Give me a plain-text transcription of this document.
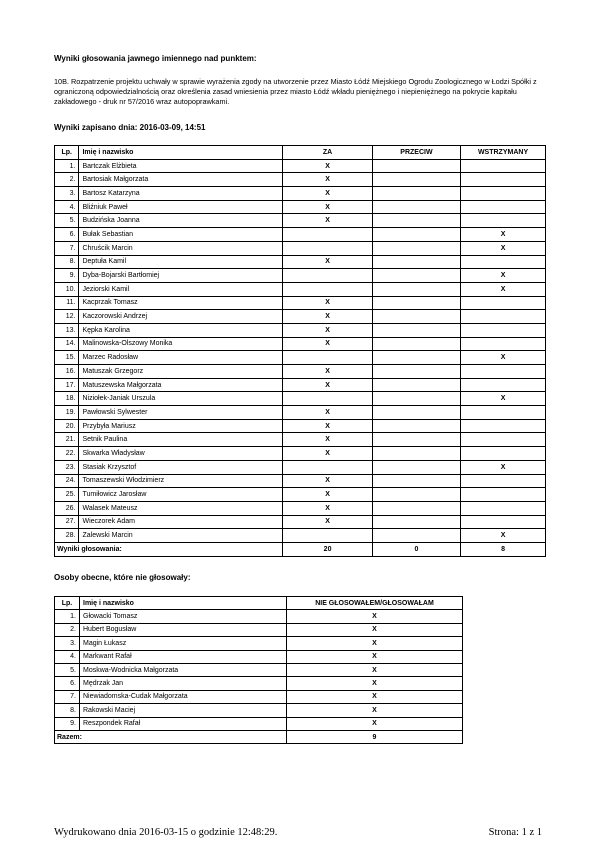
Wyniki głosowania jawnego imiennego nad punktem:
10B. Rozpatrzenie projektu uchwały w sprawie wyrażenia zgody na utworzenie przez Miasto Łódź Miejskiego Ogrodu Zoologicznego w Łodzi Spółki z ograniczoną odpowiedzialnością oraz określenia zasad wniesienia przez miasto Łódź wkładu pieniężnego i niepieniężnego na pokrycie kapitału zakładowego - druk nr 57/2016 wraz autopoprawkami.
Wyniki zapisano dnia: 2016-03-09, 14:51
Lp.	Imię i nazwisko	ZA	PRZECIW	WSTRZYMANY
1.	Bartczak Elżbieta	X		
2.	Bartosiak Małgorzata	X		
3.	Bartosz Katarzyna	X		
4.	Bliźniuk Paweł	X		
5.	Budzińska Joanna	X		
6.	Bułak Sebastian			X
7.	Chruścik Marcin			X
8.	Deptuła Kamil	X		
9.	Dyba-Bojarski Bartłomiej			X
10.	Jeziorski Kamil			X
11.	Kacprzak Tomasz	X		
12.	Kaczorowski Andrzej	X		
13.	Kępka Karolina	X		
14.	Malinowska-Olszowy Monika	X		
15.	Marzec Radosław			X
16.	Matuszak Grzegorz	X		
17.	Matuszewska Małgorzata	X		
18.	Niziołek-Janiak Urszula			X
19.	Pawłowski Sylwester	X		
20.	Przybyła Mariusz	X		
21.	Setnik Paulina	X		
22.	Skwarka Władysław	X		
23.	Stasiak Krzysztof			X
24.	Tomaszewski Włodzimierz	X		
25.	Tumiłowicz Jarosław	X		
26.	Walasek Mateusz	X		
27.	Wieczorek Adam	X		
28.	Zalewski Marcin			X
Wyniki głosowania:		20	0	8
Osoby obecne, które nie głosowały:
Lp.	Imię i nazwisko	NIE GŁOSOWAŁEM/GŁOSOWAŁAM
1.	Głowacki Tomasz	X
2.	Hubert Bogusław	X
3.	Magin Łukasz	X
4.	Markwant Rafał	X
5.	Moskwa-Wodnicka Małgorzata	X
6.	Mędrzak Jan	X
7.	Niewiadomska-Cudak Małgorzata	X
8.	Rakowski Maciej	X
9.	Reszpondek Rafał	X
Razem:		9
Wydrukowano dnia 2016-03-15 o godzinie 12:48:29.	Strona: 1 z 1
